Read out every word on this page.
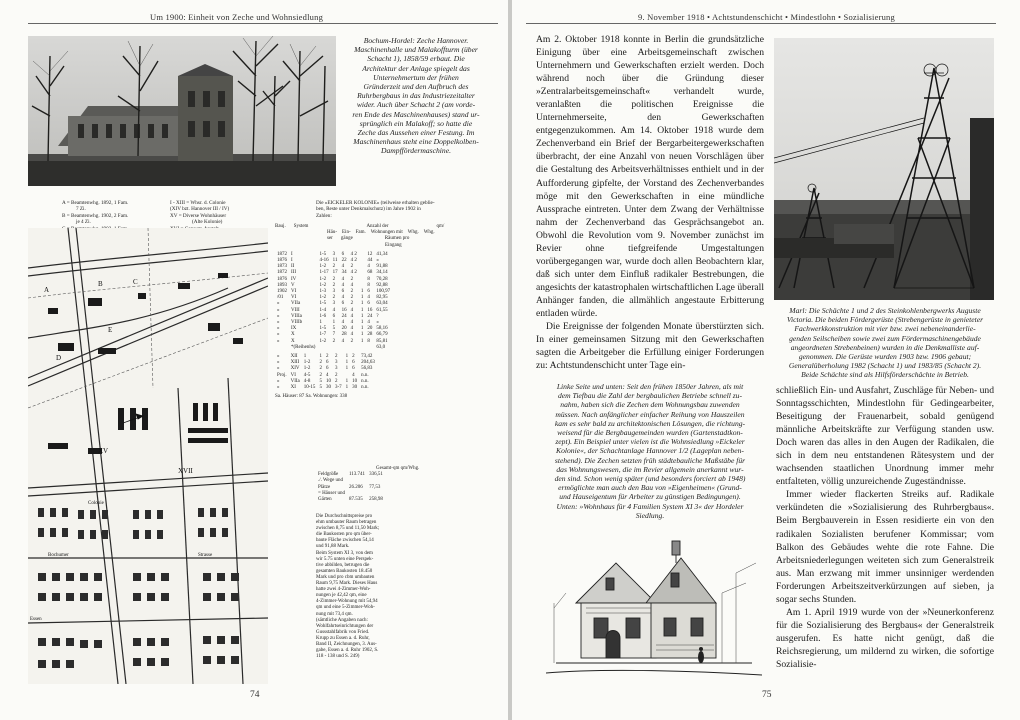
Um 1900: Einheit von Zeche und Wohnsiedlung
Bochum-Hordel: Zeche Hannover.
Maschinenhalle und Malakoffturm (über
Schacht 1), 1858/59 erbaut. Die
Architektur der Anlage spiegelt das
Unternehmertum der frühen
Gründerzeit und den Aufbruch des
Ruhrbergbaus in das Industriezeitalter
wider. Auch über Schacht 2 (am vorde-
ren Ende des Maschinenhauses) stand ur-
sprünglich ein Malakoff; so hatte die
Zeche das Aussehen einer Festung. Im
Maschinenhaus steht eine Doppelkolben-
Dampffördermaschine.
A = Beamtenwhg. 1892, 1 Fam.
7 Zi.
B = Beamtenwhg. 1902, 2 Fam.
je 4 Zi.
I - XIII = Whsr. d. Colonie
(XIV bzt. Hannover III / IV)
XV = Diverse Wohnhäuser
(Alte Kolonie)
A
B	C
D
E
XV
XVII
Colonie
Bochumer	Strasse
Essen
Die »EICKELER KOLONIE« (teilweise erhalten geblie-
ben, Reste unter Denkmalschutz) im Jahre 1902 in
Zahlen:
Bauj. System	Anzahl der	qm/
Häu- Ein- Fam. Wohnungen mit Whg. Whg.
ser gänge	Räumen pro
Eingang
1872	I	1-5	3	6	4 2		12	41,34
1876	I	4-16	11	22	4 2		44	»
1873	II	1-2	2	4	2		4	91,88
1872	III	1-17	17	34	4 2		68	34,14
1876	IV	1-2	2	4	2		8	70,28
1893	V	1-2	2	4	4		8	92,88
1902	VI	1-3	3	6	2	1	6	100,97
/01	VI	1-2	2	4	2	1	4	82,95
»	VIIa	1-5	3	6	2	1	6	63,04
»	VIII	1-4	4	16	4	1	16	61,55
»	VIIIa	1-6	6	24	4	1	24	?
»	VIIIb	1	1	4	4	1	4	»
»	IX	1-5	5	20	4	1	20	58,16
»	X	1-7	7	28	4	1	28	66,79
»	X	1-2	2	4	2	1	8	85,81
	*(Reihenhs)							63,0
»	XII	1	1	2	2	1	2	73,42
»	XIII	1-2	2	6	3	1	6	204,63
»	XIV	1-2	2	6	3	1	6	56,83
Proj.	VI	4-5	2	4	2		4	n.n.
»	VIIa	4-8	5	10	2	1	10	n.n.
»	XI	10-15	5	30	3-7	1	30	n.n.
Sa. Häuser: 87 Sa. Wohnungen: 338
Gesamt-qm qm/Whg.
Feldgröße	113.741	336,51
./. Wege und		
Plätze	26.206	77,53
= Häuser und		
Gärten	87.535	258,98
Die Durchschnittspreise pro
ehm umbauter Raum betragen
zwischen 8,75 und 11,50 Mark;
die Baukosten pro qm über-
baute Fläche zwischen 54,14
und 91,88 Mark.
Beim System XI 3, von dem
wir 5.75 unten eine Perspek-
tive abbilden, betrugen die
gesamten Baukosten 18.450
Mark und pro cbm umbauten
Raum 9,75 Mark. Dieses Haus
hatte zwei 4-Zimmer-Woh-
nungen je 42,42 qm, eine
4-Zimmer-Wohnung mit 54,94
qm und eine 5-Zimmer-Woh-
nung mit 73,4 qm.
(sämtliche Angaben nach:
Wohlfahrtseinrichtungen der
Gussstahlfabrik von Fried.
Krupp zu Essen a. d. Ruhr,
Band II, Zeichnungen, 3. Aus-
gabe, Essen a. d. Ruhr 1902, S.
118 - 138 und S. 249)
74
9. November 1918 • Achtstundenschicht • Mindestlohn • Sozialisierung

Am 2. Oktober 1918 konnte in Berlin die grundsätzliche Einigung über eine Arbeitsgemeinschaft zwischen Unternehmern und Gewerkschaften erzielt werden. Doch während noch über die Gründung dieser »Zentralarbeitsgemeinschaft« verhandelt wurde, veranlaßten die politischen Ereignisse die Unternehmerseite, den Gewerkschaften entgegenzukommen. Am 14. Oktober 1918 wurde dem Zechenverband ein Brief der Bergarbeitergewerkschaften überbracht, der eine Anzahl von neuen Vorschlägen über die Gestaltung des Arbeitsverhältnisses enthielt und in der Aufforderung gipfelte, der Vorstand des Zechenverbandes möge mit den Gewerkschaften in eine mündliche Aussprache eintreten. Unter dem Zwang der Verhältnisse nahm der Zechenverband das Gesprächsangebot an. Obwohl die Revolution vom 9. November zunächst im Revier ohne tiefgreifende Umgestaltungen vorübergegangen war, wurde doch allen Beobachtern klar, daß sich unter dem Einfluß radikaler Bestrebungen, die angesichts der katastrophalen wirtschaftlichen Lage überall Anhänger fanden, die allmählich angestaute Erbitterung entladen würde.

Die Ereignisse der folgenden Monate überstürzten sich. In einer gemeinsamen Sitzung mit den Gewerkschaften sagten die Arbeitgeber die Erfüllung einiger Forderungen zu: Achtstundenschicht unter Tage ein-

Linke Seite und unten: Seit den frühen 1850er Jahren, als mit
dem Tiefbau die Zahl der bergbaulichen Betriebe schnell zu-
nahm, haben sich die Zechen dem Wohnungsbau zuwenden
müssen. Nach anfänglicher einfacher Reihung von Hauszeilen
kam es sehr bald zu architektonischen Lösungen, die richtung-
weisend für die Bergbaugemeinden wurden (Gartenstadtkon-
zept). Ein Beispiel unter vielen ist die Wohnsiedlung »Eickeler
Kolonie«, der Schachtanlage Hannover 1/2 (Lageplan neben-
stehend). Die Zechen setzten früh städtebauliche Maßstäbe für
das Wohnungswesen, die im Revier allgemein anerkannt wur-
den sind. Schon wenig später (und besonders forciert ab 1948)
ermöglichte man auch den Bau von »Eigenheimen« (Grund-
und Hauseigentum für Arbeiter zu günstigen Bedingungen).
Unten: »Wohnhaus für 4 Familien System XI 3« der Hordeler
Siedlung.
Marl: Die Schächte 1 und 2 des Steinkohlenbergwerks Auguste
Victoria. Die beiden Fördergerüste (Strebengerüste in genieteter
Fachwerkkonstruktion mit vier bzw. zwei nebeneinanderlie-
genden Seilscheiben sowie zwei zum Fördermaschinengebäude
angeordneten Strebenbeinen) wurden in die Denkmalliste auf-
genommen. Die Gerüste wurden 1903 bzw. 1906 gebaut;
Generalüberholung 1982 (Schacht 1) und 1983/85 (Schacht 2).
Beide Schächte sind als Hilfsförderschächte in Betrieb.

schließlich Ein- und Ausfahrt, Zuschläge für Neben- und Sonntagsschichten, Mindestlohn für Gedingearbeiter, Beseitigung der Frauenarbeit, sobald genügend männliche Arbeitskräfte zur Verfügung standen usw. Doch waren das alles in den Augen der Radikalen, die sich in dem neu entstandenen Rätesystem und der wachsenden staatlichen Unordnung immer mehr entfalteten, völlig unzureichende Zugeständnisse.

Immer wieder flackerten Streiks auf. Radikale verkündeten die »Sozialisierung des Ruhrbergbaus«. Beim Bergbauverein in Essen residierte ein von den radikalen Sozialisten berufener Kommissar; vom Balkon des Gebäudes wehte die rote Fahne. Die Arbeitsniederlegungen weiteten sich zum Generalstreik aus. Man erzwang mit immer unsinniger werdenden Forderungen Arbeitszeitverkürzungen auf sieben, ja sogar sechs Stunden.

Am 1. April 1919 wurde von der »Neunerkonferenz für die Sozialisierung des Bergbaus« der Generalstreik ausgerufen. Es hatte nicht genügt, daß die Reichsregierung, um mildernd zu wirken, die sofortige Sozialisie-

75
